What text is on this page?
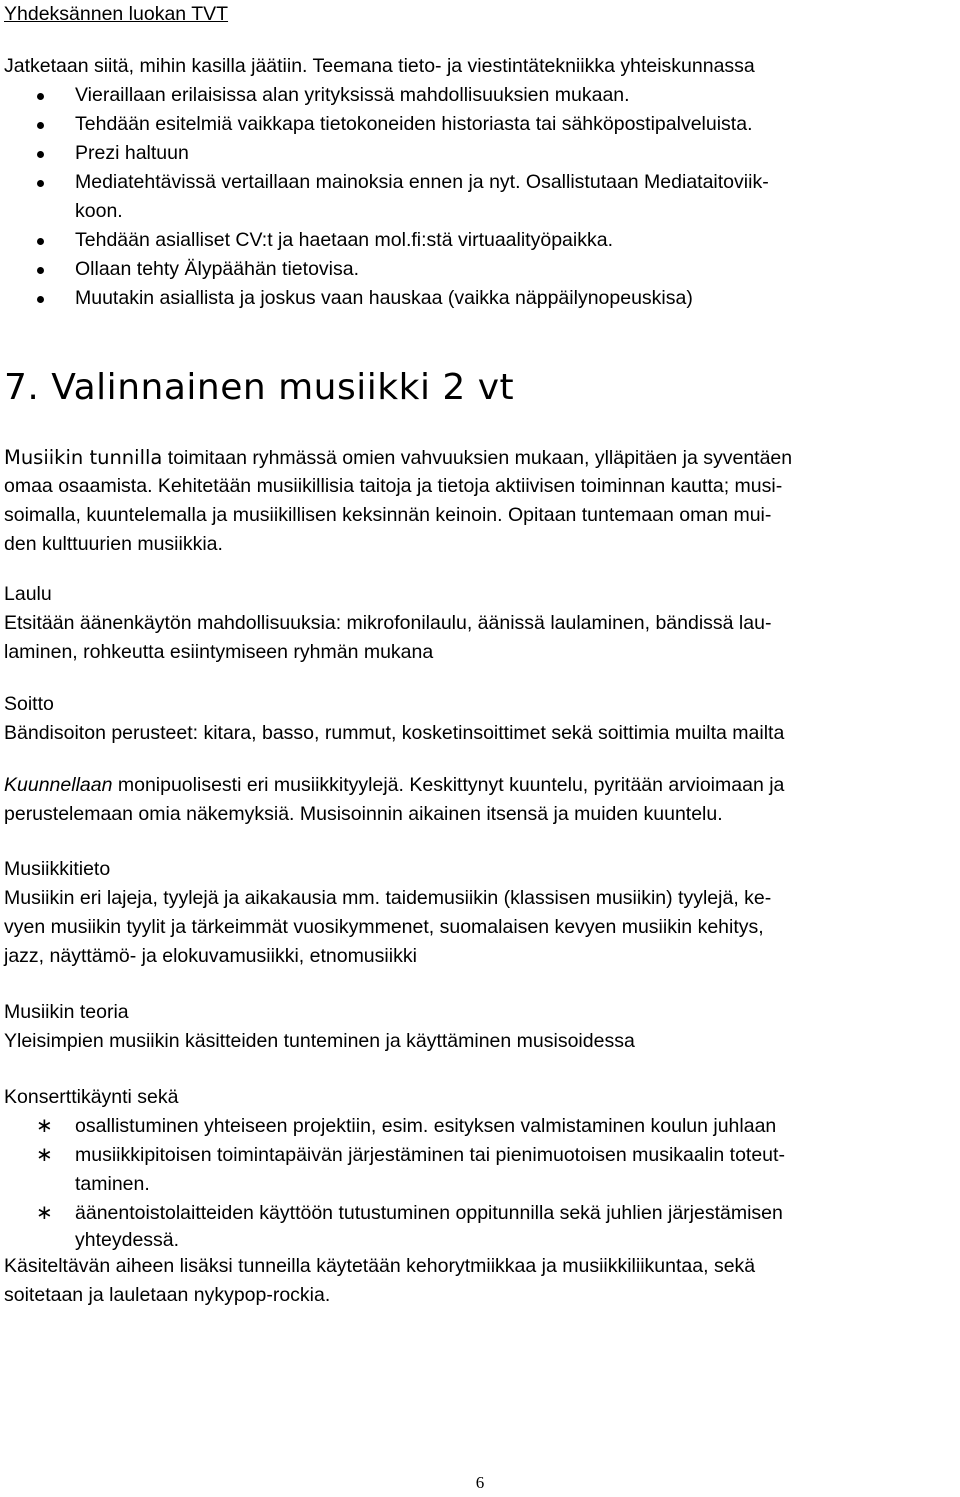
Yhdeksännen luokan TVT
Jatketaan siitä, mihin kasilla jäätiin. Teemana tieto- ja viestintätekniikka yhteiskunnassa
Vieraillaan erilaisissa alan yrityksissä mahdollisuuksien mukaan.
Tehdään esitelmiä vaikkapa tietokoneiden historiasta tai sähköpostipalveluista.
Prezi haltuun
Mediatehtävissä vertaillaan mainoksia ennen ja nyt. Osallistutaan Mediataitoviik-
koon.
Tehdään asialliset CV:t ja haetaan mol.fi:stä virtuaalityöpaikka.
Ollaan tehty Älypäähän tietovisa.
Muutakin asiallista ja joskus vaan hauskaa (vaikka näppäilynopeuskisa)
7. Valinnainen musiikki 2 vt
Musiikin tunnilla toimitaan ryhmässä omien vahvuuksien mukaan, ylläpitäen ja syventäen
omaa osaamista. Kehitetään musiikillisia taitoja ja tietoja aktiivisen toiminnan kautta; musi-
soimalla, kuuntelemalla ja musiikillisen keksinnän keinoin. Opitaan tuntemaan oman mui-
den kulttuurien musiikkia.
Laulu
Etsitään äänenkäytön mahdollisuuksia: mikrofonilaulu, äänissä laulaminen, bändissä lau-
laminen, rohkeutta esiintymiseen ryhmän mukana
Soitto
Bändisoiton perusteet: kitara, basso, rummut, kosketinsoittimet sekä soittimia muilta mailta
Kuunnellaan monipuolisesti eri musiikkityylejä. Keskittynyt kuuntelu, pyritään arvioimaan ja
perustelemaan omia näkemyksiä. Musisoinnin aikainen itsensä ja muiden kuuntelu.
Musiikkitieto
Musiikin eri lajeja, tyylejä ja aikakausia mm. taidemusiikin (klassisen musiikin) tyylejä, ke-
vyen musiikin tyylit ja tärkeimmät vuosikymmenet, suomalaisen kevyen musiikin kehitys,
jazz, näyttämö- ja elokuvamusiikki, etnomusiikki
Musiikin teoria
Yleisimpien musiikin käsitteiden tunteminen ja käyttäminen musisoidessa
Konserttikäynti sekä
∗ osallistuminen yhteiseen projektiin, esim. esityksen valmistaminen koulun juhlaan
∗ musiikkipitoisen toimintapäivän järjestäminen tai pienimuotoisen musikaalin toteut-
taminen.
∗ äänentoistolaitteiden käyttöön tutustuminen oppitunnilla sekä juhlien järjestämisen
yhteydessä.
Käsiteltävän aiheen lisäksi tunneilla käytetään kehorytmiikkaa ja musiikkiliikuntaa, sekä
soitetaan ja lauletaan nykypop-rockia.
6
